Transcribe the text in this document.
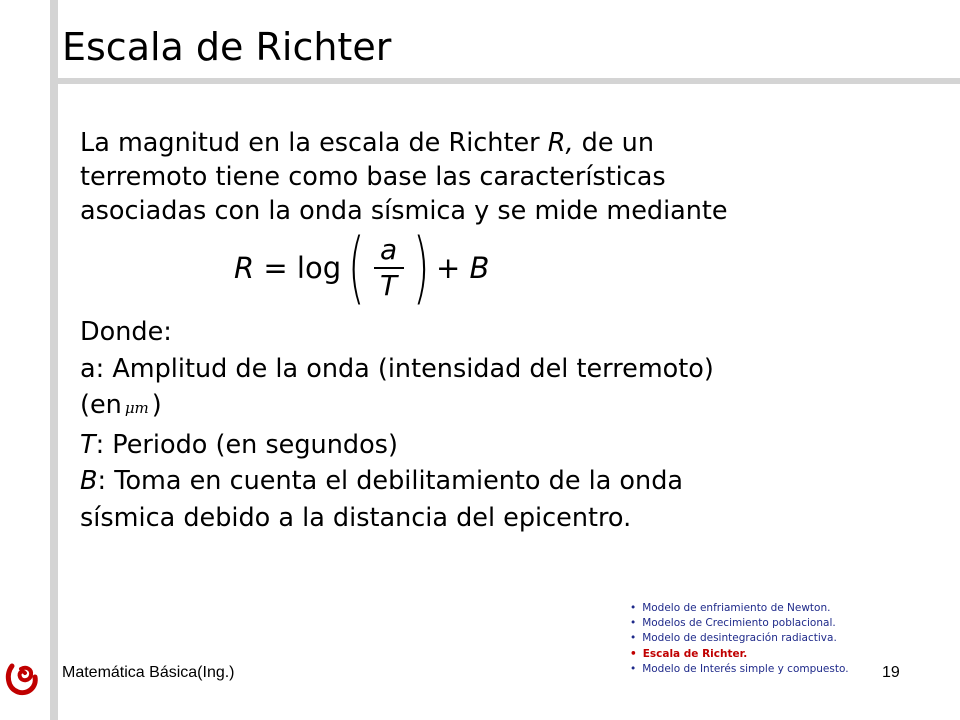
Escala de Richter
La magnitud en la escala de Richter R, de un
terremoto tiene como base las características
asociadas con la onda sísmica y se mide mediante
R = log ( $\frac{a}{T}$ ) + B
Donde:
a: Amplitud de la onda (intensidad del terremoto)
(en μm )
T: Periodo (en segundos)
B: Toma en cuenta el debilitamiento de la onda
sísmica debido a la distancia del epicentro.
• Modelo de enfriamiento de Newton.
• Modelos de Crecimiento poblacional.
• Modelo de desintegración radiactiva.
• Escala de Richter.
• Modelo de Interés simple y compuesto.
Matemática Básica(Ing.)	19
